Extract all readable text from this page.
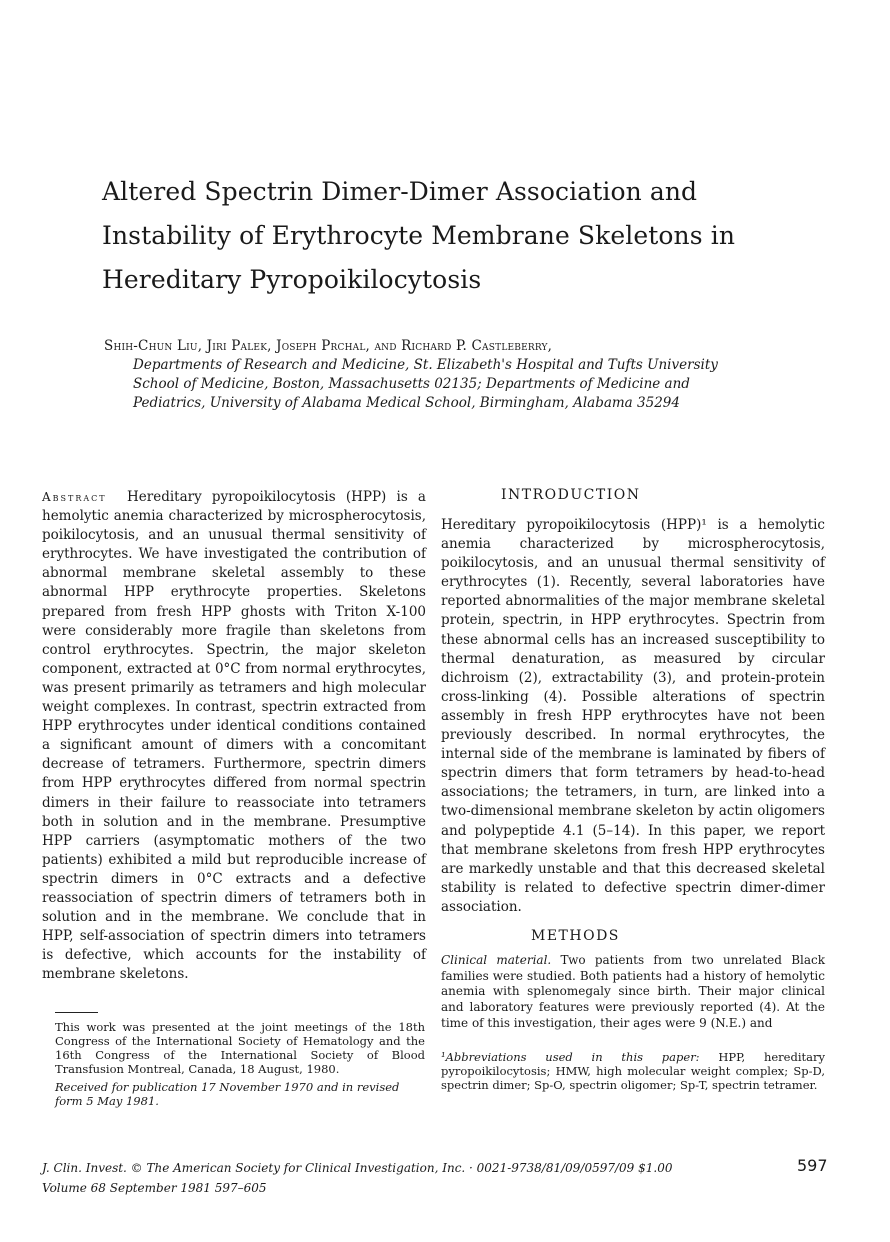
Altered Spectrin Dimer-Dimer Association and
Instability of Erythrocyte Membrane Skeletons in
Hereditary Pyropoikilocytosis

Shih-Chun Liu, Jiri Palek, Joseph Prchal, and Richard P. Castleberry,

Departments of Research and Medicine, St. Elizabeth's Hospital and Tufts University School of Medicine, Boston, Massachusetts 02135; Departments of Medicine and Pediatrics, University of Alabama Medical School, Birmingham, Alabama 35294

Abstract Hereditary pyropoikilocytosis (HPP) is a hemolytic anemia characterized by microspherocytosis, poikilocytosis, and an unusual thermal sensitivity of erythrocytes. We have investigated the contribution of abnormal membrane skeletal assembly to these abnormal HPP erythrocyte properties. Skeletons prepared from fresh HPP ghosts with Triton X-100 were considerably more fragile than skeletons from control erythrocytes. Spectrin, the major skeleton component, extracted at 0°C from normal erythrocytes, was present primarily as tetramers and high molecular weight complexes. In contrast, spectrin extracted from HPP erythrocytes under identical conditions contained a significant amount of dimers with a concomitant decrease of tetramers. Furthermore, spectrin dimers from HPP erythrocytes differed from normal spectrin dimers in their failure to reassociate into tetramers both in solution and in the membrane. Presumptive HPP carriers (asymptomatic mothers of the two patients) exhibited a mild but reproducible increase of spectrin dimers in 0°C extracts and a defective reassociation of spectrin dimers of tetramers both in solution and in the membrane. We conclude that in HPP, self-association of spectrin dimers into tetramers is defective, which accounts for the instability of membrane skeletons.

This work was presented at the joint meetings of the 18th Congress of the International Society of Hematology and the 16th Congress of the International Society of Blood Transfusion Montreal, Canada, 18 August, 1980.

Received for publication 17 November 1970 and in revised form 5 May 1981.

INTRODUCTION

Hereditary pyropoikilocytosis (HPP)¹ is a hemolytic anemia characterized by microspherocytosis, poikilocytosis, and an unusual thermal sensitivity of erythrocytes (1). Recently, several laboratories have reported abnormalities of the major membrane skeletal protein, spectrin, in HPP erythrocytes. Spectrin from these abnormal cells has an increased susceptibility to thermal denaturation, as measured by circular dichroism (2), extractability (3), and protein-protein cross-linking (4). Possible alterations of spectrin assembly in fresh HPP erythrocytes have not been previously described. In normal erythrocytes, the internal side of the membrane is laminated by fibers of spectrin dimers that form tetramers by head-to-head associations; the tetramers, in turn, are linked into a two-dimensional membrane skeleton by actin oligomers and polypeptide 4.1 (5–14). In this paper, we report that membrane skeletons from fresh HPP erythrocytes are markedly unstable and that this decreased skeletal stability is related to defective spectrin dimer-dimer association.

METHODS

Clinical material. Two patients from two unrelated Black families were studied. Both patients had a history of hemolytic anemia with splenomegaly since birth. Their major clinical and laboratory features were previously reported (4). At the time of this investigation, their ages were 9 (N.E.) and

¹Abbreviations used in this paper: HPP, hereditary pyropoikilocytosis; HMW, high molecular weight complex; Sp-D, spectrin dimer; Sp-O, spectrin oligomer; Sp-T, spectrin tetramer.

J. Clin. Invest. © The American Society for Clinical Investigation, Inc. · 0021-9738/81/09/0597/09 $1.00

Volume 68 September 1981 597–605

597
